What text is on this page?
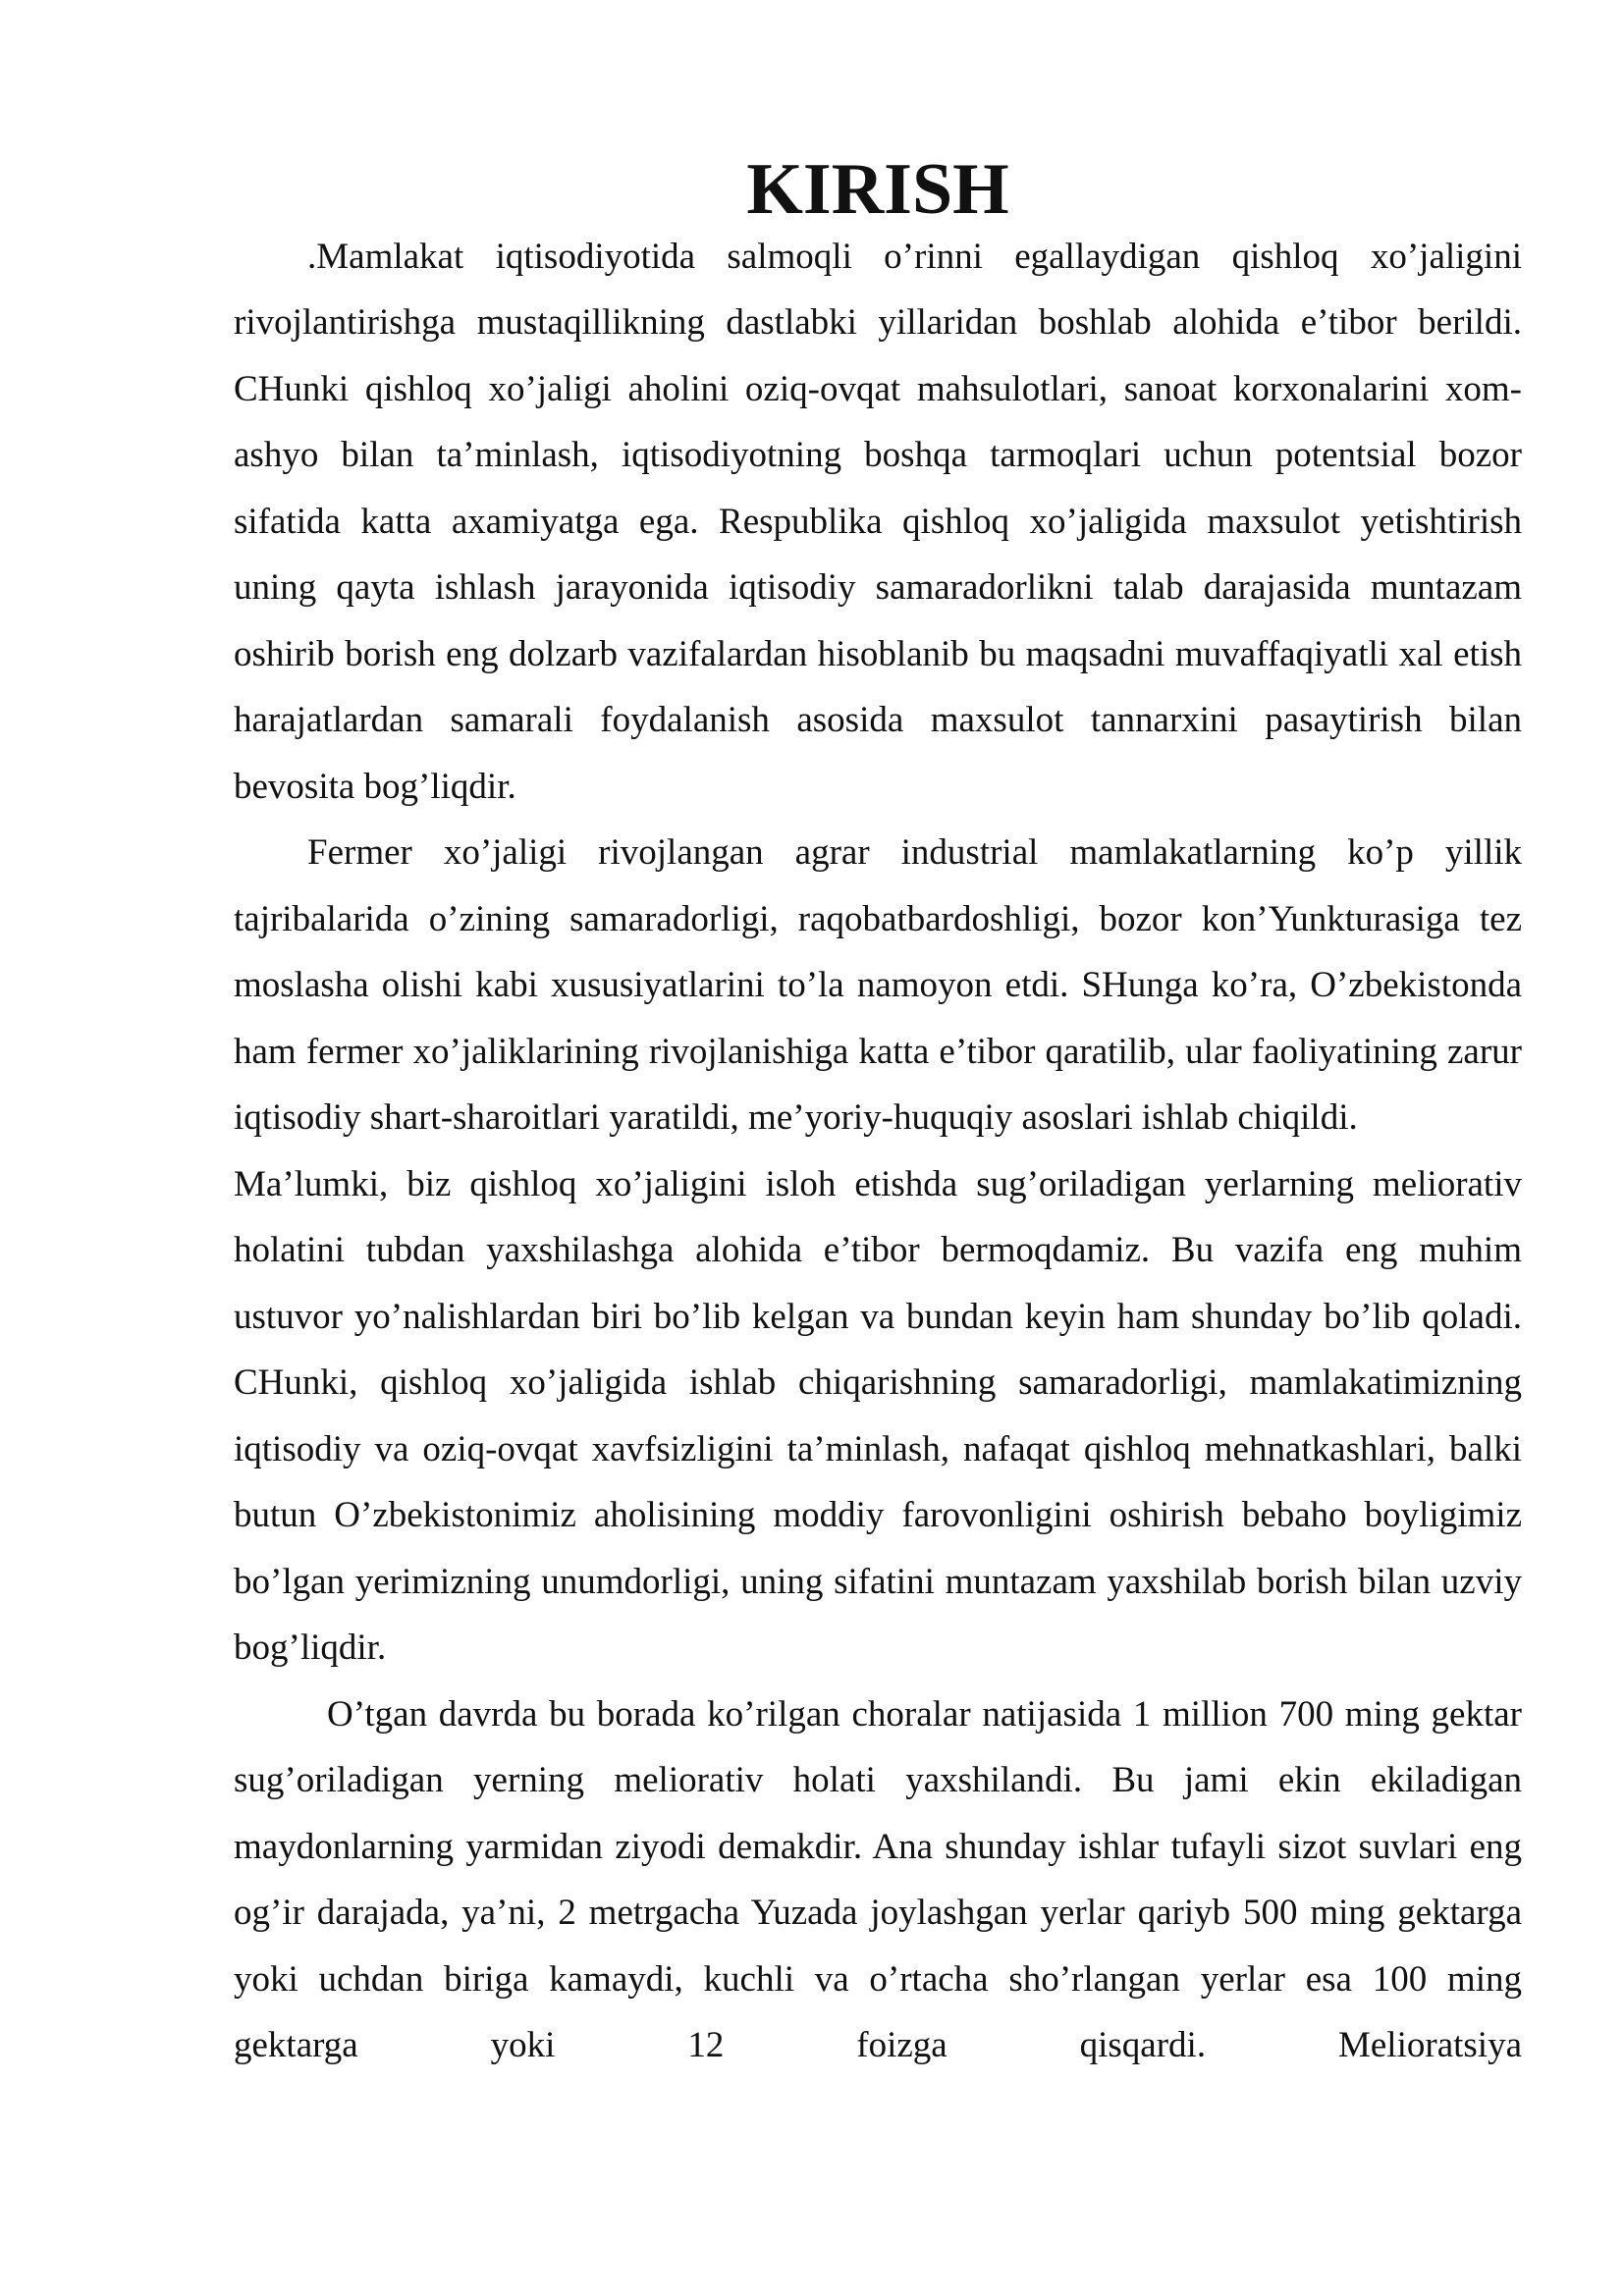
KIRISH

.Mamlakat iqtisodiyotida salmoqli o’rinni egallaydigan qishloq xo’jaligini rivojlantirishga mustaqillikning dastlabki yillaridan boshlab alohida e’tibor berildi. CHunki qishloq xo’jaligi aholini oziq-ovqat mahsulotlari, sanoat korxonalarini xom-ashyo bilan ta’minlash, iqtisodiyotning boshqa tarmoqlari uchun potentsial bozor sifatida katta axamiyatga ega. Respublika qishloq xo’jaligida maxsulot yetishtirish uning qayta ishlash jarayonida iqtisodiy samaradorlikni talab darajasida muntazam oshirib borish eng dolzarb vazifalardan hisoblanib bu maqsadni muvaffaqiyatli xal etish harajatlardan samarali foydalanish asosida maxsulot tannarxini pasaytirish bilan bevosita bog’liqdir.

Fermer xo’jaligi rivojlangan agrar industrial mamlakatlarning ko’p yillik tajribalarida o’zining samaradorligi, raqobatbardoshligi, bozor kon’Yunkturasiga tez moslasha olishi kabi xususiyatlarini to’la namoyon etdi. SHunga ko’ra, O’zbekistonda ham fermer xo’jaliklarining rivojlanishiga katta e’tibor qaratilib, ular faoliyatining zarur iqtisodiy shart-sharoitlari yaratildi, me’yoriy-huquqiy asoslari ishlab chiqildi.

Ma’lumki, biz qishloq xo’jaligini isloh etishda sug’oriladigan yerlarning meliorativ holatini tubdan yaxshilashga alohida e’tibor bermoqdamiz. Bu vazifa eng muhim ustuvor yo’nalishlardan biri bo’lib kelgan va bundan keyin ham shunday bo’lib qoladi. CHunki, qishloq xo’jaligida ishlab chiqarishning samaradorligi, mamlakatimizning iqtisodiy va oziq-ovqat xavfsizligini ta’minlash, nafaqat qishloq mehnatkashlari, balki butun O’zbekistonimiz aholisining moddiy farovonligini oshirish bebaho boyligimiz bo’lgan yerimizning unumdorligi, uning sifatini muntazam yaxshilab borish bilan uzviy bog’liqdir.

O’tgan davrda bu borada ko’rilgan choralar natijasida 1 million 700 ming gektar sug’oriladigan yerning meliorativ holati yaxshilandi. Bu jami ekin ekiladigan maydonlarning yarmidan ziyodi demakdir. Ana shunday ishlar tufayli sizot suvlari eng og’ir darajada, ya’ni, 2 metrgacha Yuzada joylashgan yerlar qariyb 500 ming gektarga yoki uchdan biriga kamaydi, kuchli va o’rtacha sho’rlangan yerlar esa 100 ming gektarga yoki 12 foizga qisqardi. Melioratsiya
